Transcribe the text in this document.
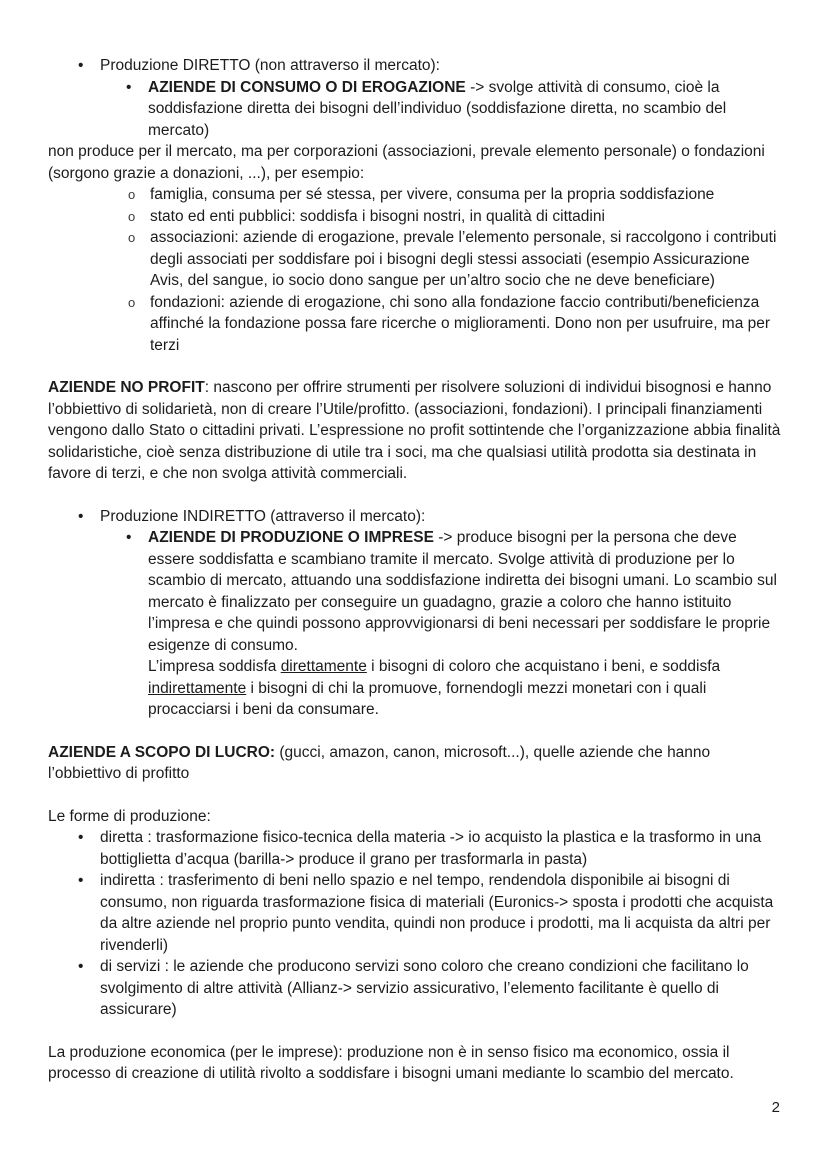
• Produzione DIRETTO (non attraverso il mercato):
• AZIENDE DI CONSUMO O DI EROGAZIONE -> svolge attività di consumo, cioè la soddisfazione diretta dei bisogni dell’individuo (soddisfazione diretta, no scambio del mercato)

non produce per il mercato, ma per corporazioni (associazioni, prevale elemento personale) o fondazioni (sorgono grazie a donazioni, ...), per esempio:

o famiglia, consuma per sé stessa, per vivere, consuma per la propria soddisfazione
o stato ed enti pubblici: soddisfa i bisogni nostri, in qualità di cittadini
o associazioni: aziende di erogazione, prevale l’elemento personale, si raccolgono i contributi degli associati per soddisfare poi i bisogni degli stessi associati (esempio Assicurazione Avis, del sangue, io socio dono sangue per un’altro socio che ne deve beneficiare)
o fondazioni: aziende di erogazione, chi sono alla fondazione faccio contributi/beneficienza affinché la fondazione possa fare ricerche o miglioramenti. Dono non per usufruire, ma per terzi

AZIENDE NO PROFIT: nascono per offrire strumenti per risolvere soluzioni di individui bisognosi e hanno l’obbiettivo di solidarietà, non di creare l’Utile/profitto. (associazioni, fondazioni). I principali finanziamenti vengono dallo Stato o cittadini privati. L’espressione no profit sottintende che l’organizzazione abbia finalità solidaristiche, cioè senza distribuzione di utile tra i soci, ma che qualsiasi utilità prodotta sia destinata in favore di terzi, e che non svolga attività commerciali.

• Produzione INDIRETTO (attraverso il mercato):
• AZIENDE DI PRODUZIONE O IMPRESE -> produce bisogni per la persona che deve essere soddisfatta e scambiano tramite il mercato. Svolge attività di produzione per lo scambio di mercato, attuando una soddisfazione indiretta dei bisogni umani. Lo scambio sul mercato è finalizzato per conseguire un guadagno, grazie a coloro che hanno istituito l’impresa e che quindi possono approvvigionarsi di beni necessari per soddisfare le proprie esigenze di consumo.
L’impresa soddisfa direttamente i bisogni di coloro che acquistano i beni, e soddisfa indirettamente i bisogni di chi la promuove, fornendogli mezzi monetari con i quali procacciarsi i beni da consumare.

AZIENDE A SCOPO DI LUCRO: (gucci, amazon, canon, microsoft...), quelle aziende che hanno l’obbiettivo di profitto

Le forme di produzione:

• diretta : trasformazione fisico-tecnica della materia -> io acquisto la plastica e la trasformo in una bottiglietta d’acqua (barilla-> produce il grano per trasformarla in pasta)
• indiretta : trasferimento di beni nello spazio e nel tempo, rendendola disponibile ai bisogni di consumo, non riguarda trasformazione fisica di materiali (Euronics-> sposta i prodotti che acquista da altre aziende nel proprio punto vendita, quindi non produce i prodotti, ma li acquista da altri per rivenderli)
• di servizi : le aziende che producono servizi sono coloro che creano condizioni che facilitano lo svolgimento di altre attività (Allianz-> servizio assicurativo, l’elemento facilitante è quello di assicurare)

La produzione economica (per le imprese): produzione non è in senso fisico ma economico, ossia il processo di creazione di utilità rivolto a soddisfare i bisogni umani mediante lo scambio del mercato.

2
